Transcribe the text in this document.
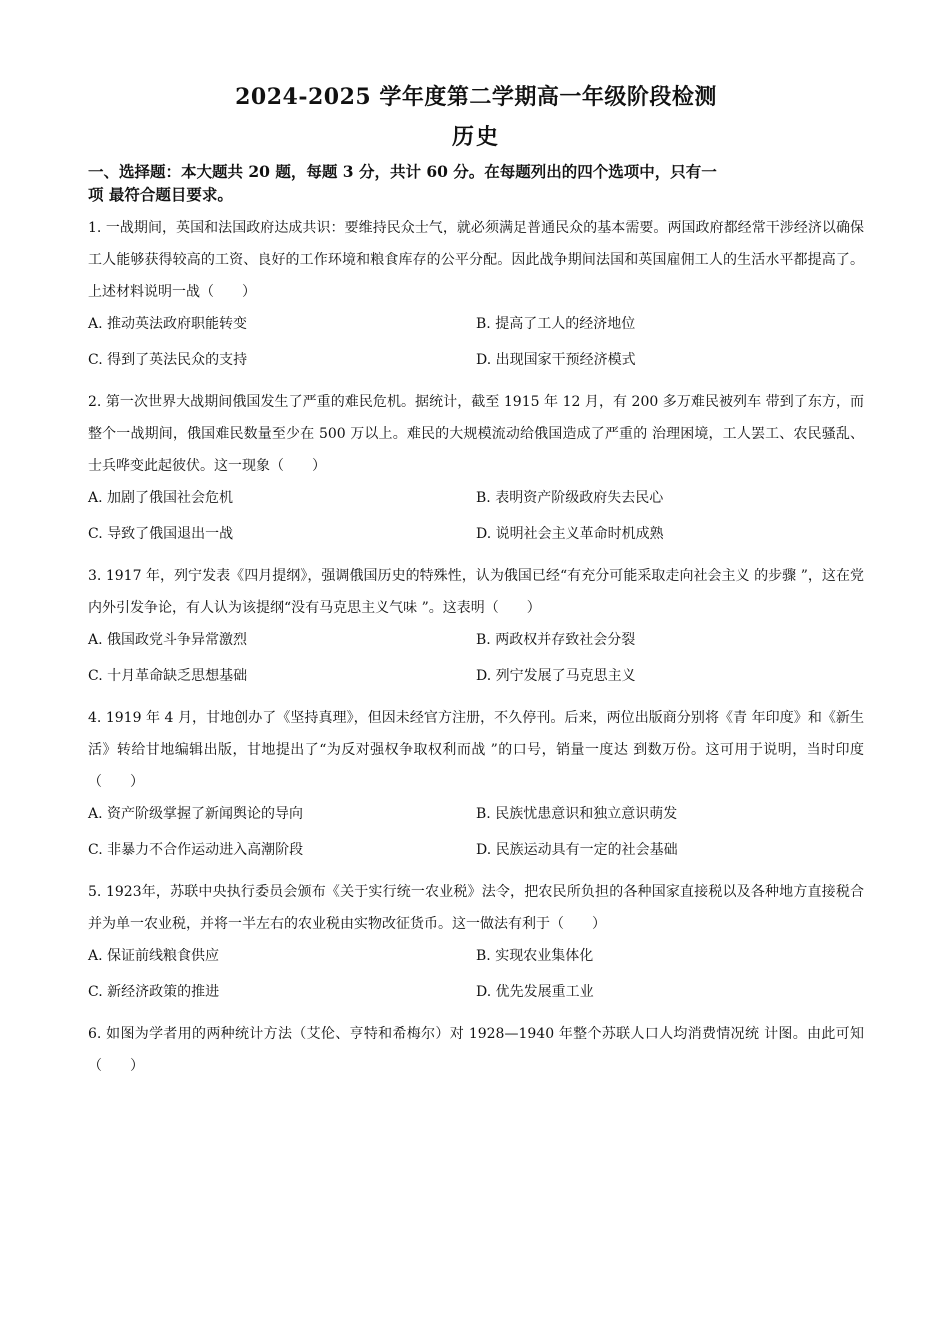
2024-2025 学年度第二学期高一年级阶段检测
历史
一、选择题：本大题共 20 题，每题 3 分，共计 60 分。在每题列出的四个选项中，只有一
项 最符合题目要求。
1. 一战期间，英国和法国政府达成共识：要维持民众士气，就必须满足普通民众的基本需要。两国政府都经常干涉经济以确保工人能够获得较高的工资、良好的工作环境和粮食库存的公平分配。因此战争期间法国和英国雇佣工人的生活水平都提高了。上述材料说明一战（　　）
A. 推动英法政府职能转变	B. 提高了工人的经济地位
C. 得到了英法民众的支持	D. 出现国家干预经济模式
2. 第一次世界大战期间俄国发生了严重的难民危机。据统计，截至 1915 年 12 月，有 200 多万难民被列车 带到了东方，而整个一战期间，俄国难民数量至少在 500 万以上。难民的大规模流动给俄国造成了严重的 治理困境，工人罢工、农民骚乱、士兵哗变此起彼伏。这一现象（　　）
A. 加剧了俄国社会危机	B. 表明资产阶级政府失去民心
C. 导致了俄国退出一战	D. 说明社会主义革命时机成熟
3. 1917 年，列宁发表《四月提纲》，强调俄国历史的特殊性，认为俄国已经“有充分可能采取走向社会主义 的步骤 ”，这在党内外引发争论，有人认为该提纲“没有马克思主义气味 ”。这表明（　　）
A. 俄国政党斗争异常激烈	B. 两政权并存致社会分裂
C. 十月革命缺乏思想基础	D. 列宁发展了马克思主义
4. 1919 年 4 月，甘地创办了《坚持真理》，但因未经官方注册，不久停刊。后来，两位出版商分别将《青 年印度》和《新生活》转给甘地编辑出版，甘地提出了“为反对强权争取权利而战 ”的口号，销量一度达 到数万份。这可用于说明，当时印度（　　）
A. 资产阶级掌握了新闻舆论的导向	B. 民族忧患意识和独立意识萌发
C. 非暴力不合作运动进入高潮阶段	D. 民族运动具有一定的社会基础
5. 1923年，苏联中央执行委员会颁布《关于实行统一农业税》法令，把农民所负担的各种国家直接税以及各种地方直接税合并为单一农业税，并将一半左右的农业税由实物改征货币。这一做法有利于（　　）
A. 保证前线粮食供应	B. 实现农业集体化
C. 新经济政策的推进	D. 优先发展重工业
6. 如图为学者用的两种统计方法（艾伦、亨特和希梅尔）对 1928—1940 年整个苏联人口人均消费情况统 计图。由此可知（　　）
